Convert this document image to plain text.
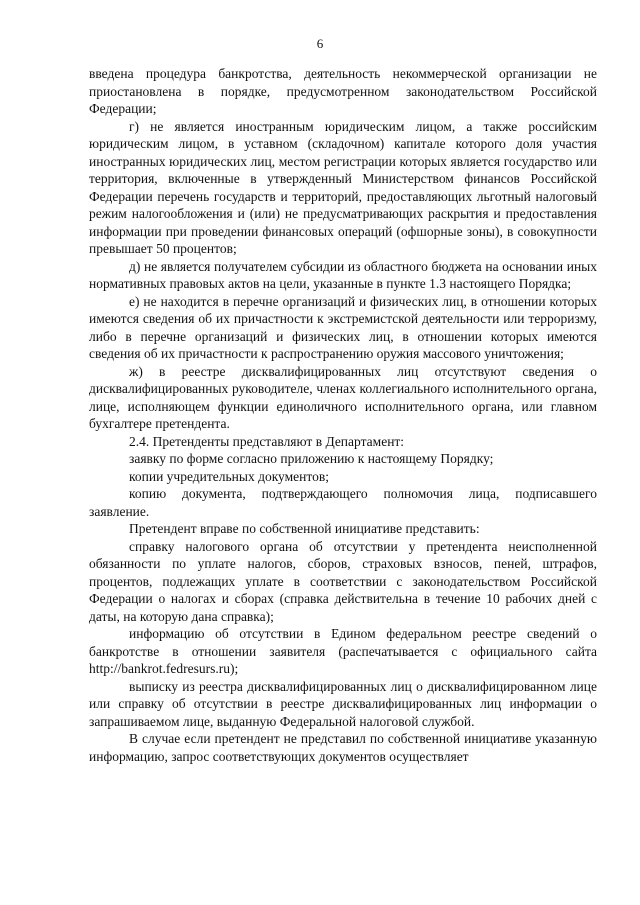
6

введена процедура банкротства, деятельность некоммерческой организации не приостановлена в порядке, предусмотренном законодательством Российской Федерации;

г) не является иностранным юридическим лицом, а также российским юридическим лицом, в уставном (складочном) капитале которого доля участия иностранных юридических лиц, местом регистрации которых является государство или территория, включенные в утвержденный Министерством финансов Российской Федерации перечень государств и территорий, предоставляющих льготный налоговый режим налогообложения и (или) не предусматривающих раскрытия и предоставления информации при проведении финансовых операций (офшорные зоны), в совокупности превышает 50 процентов;

д) не является получателем субсидии из областного бюджета на основании иных нормативных правовых актов на цели, указанные в пункте 1.3 настоящего Порядка;

е) не находится в перечне организаций и физических лиц, в отношении которых имеются сведения об их причастности к экстремистской деятельности или терроризму, либо в перечне организаций и физических лиц, в отношении которых имеются сведения об их причастности к распространению оружия массового уничтожения;

ж) в реестре дисквалифицированных лиц отсутствуют сведения о дисквалифицированных руководителе, членах коллегиального исполнительного органа, лице, исполняющем функции единоличного исполнительного органа, или главном бухгалтере претендента.

2.4. Претенденты представляют в Департамент:

заявку по форме согласно приложению к настоящему Порядку;

копии учредительных документов;

копию документа, подтверждающего полномочия лица, подписавшего заявление.

Претендент вправе по собственной инициативе представить:

справку налогового органа об отсутствии у претендента неисполненной обязанности по уплате налогов, сборов, страховых взносов, пеней, штрафов, процентов, подлежащих уплате в соответствии с законодательством Российской Федерации о налогах и сборах (справка действительна в течение 10 рабочих дней с даты, на которую дана справка);

информацию об отсутствии в Едином федеральном реестре сведений о банкротстве в отношении заявителя (распечатывается с официального сайта http://bankrot.fedresurs.ru);

выписку из реестра дисквалифицированных лиц о дисквалифицированном лице или справку об отсутствии в реестре дисквалифицированных лиц информации о запрашиваемом лице, выданную Федеральной налоговой службой.

В случае если претендент не представил по собственной инициативе указанную информацию, запрос соответствующих документов осуществляет
